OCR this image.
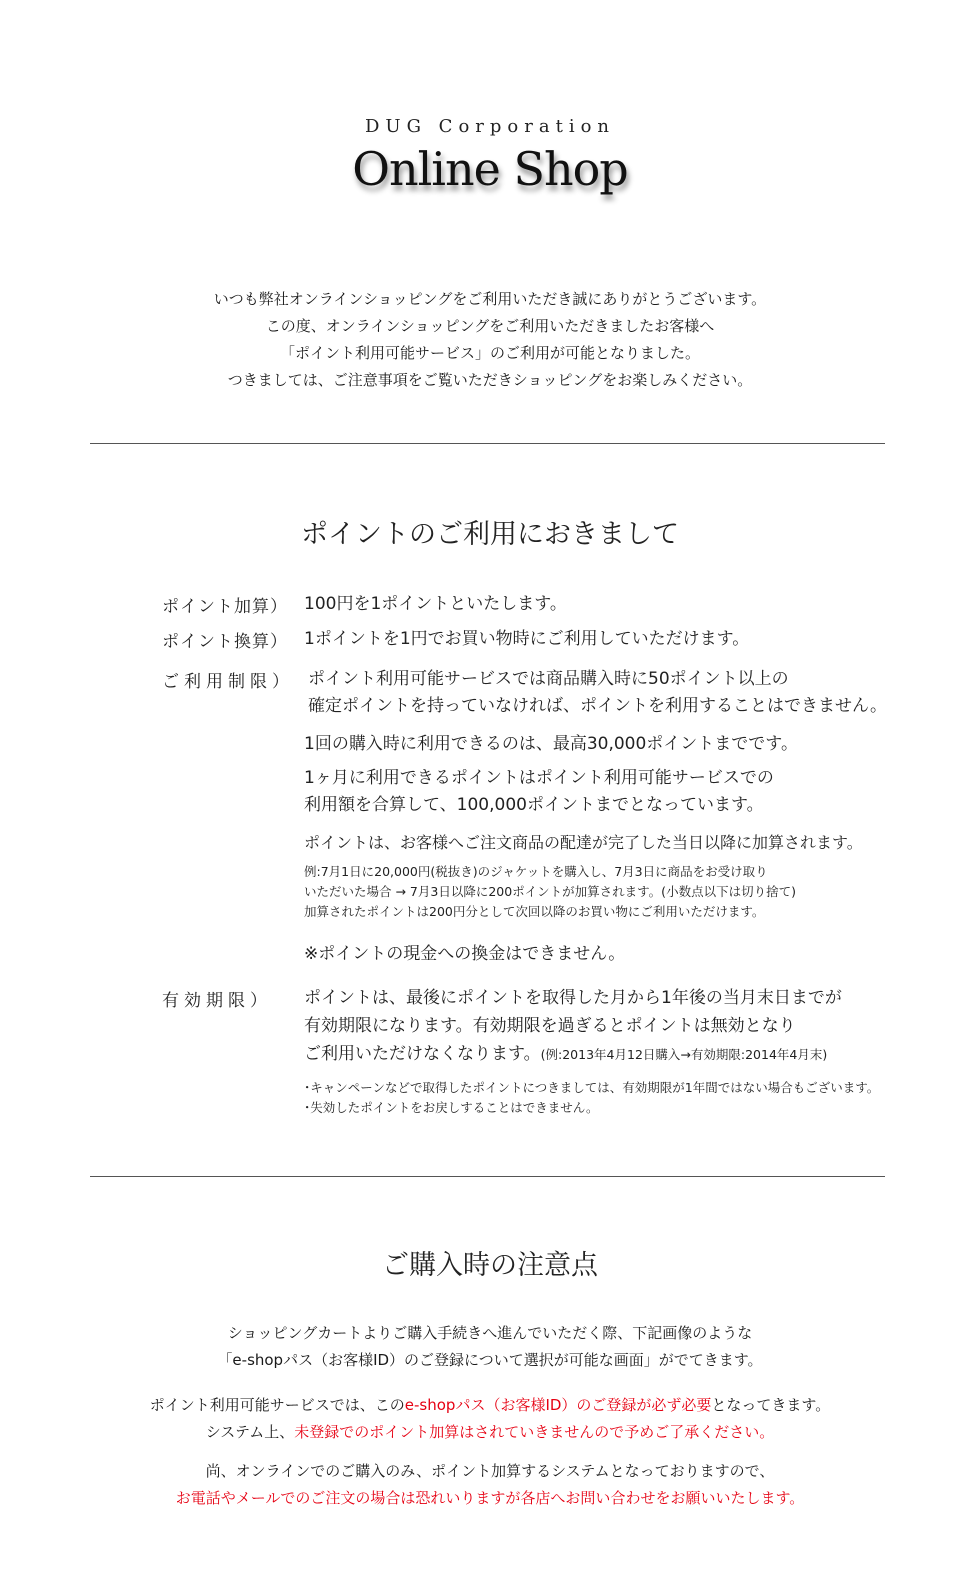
DUG Corporation
Online Shop

いつも弊社オンラインショッピングをご利用いただき誠にありがとうございます。

この度、オンラインショッピングをご利用いただきましたお客様へ

「ポイント利用可能サービス」のご利用が可能となりました。

つきましては、ご注意事項をご覧いただきショッピングをお楽しみください。

ポイントのご利用におきまして
ポイント加算） 100円を1ポイントといたします。
ポイント換算） 1ポイントを1円でお買い物時にご利用していただけます。
ご利用制限） ポイント利用可能サービスでは商品購入時に50ポイント以上の

確定ポイントを持っていなければ、ポイントを利用することはできません。

1回の購入時に利用できるのは、最高30,000ポイントまでです。

1ヶ月に利用できるポイントはポイント利用可能サービスでの

利用額を合算して、100,000ポイントまでとなっています。

ポイントは、お客様へご注文商品の配達が完了した当日以降に加算されます。

例:7月1日に20,000円(税抜き)のジャケットを購入し、7月3日に商品をお受け取り

いただいた場合 → 7月3日以降に200ポイントが加算されます。(小数点以下は切り捨て)

加算されたポイントは200円分として次回以降のお買い物にご利用いただけます。

※ポイントの現金への換金はできません。
有効期限） ポイントは、最後にポイントを取得した月から1年後の当月末日までが

有効期限になります。有効期限を過ぎるとポイントは無効となり

ご利用いただけなくなります。(例:2013年4月12日購入→有効期限:2014年4月末)

･キャンペーンなどで取得したポイントにつきましては、有効期限が1年間ではない場合もございます。

･失効したポイントをお戻しすることはできません。

ご購入時の注意点

ショッピングカートよりご購入手続きへ進んでいただく際、下記画像のような

「e-shopパス（お客様ID）のご登録について選択が可能な画面」がでてきます。

ポイント利用可能サービスでは、このe-shopパス（お客様ID）のご登録が必ず必要となってきます。

システム上、未登録でのポイント加算はされていきませんので予めご了承ください。

尚、オンラインでのご購入のみ、ポイント加算するシステムとなっておりますので、

お電話やメールでのご注文の場合は恐れいりますが各店へお問い合わせをお願いいたします。
